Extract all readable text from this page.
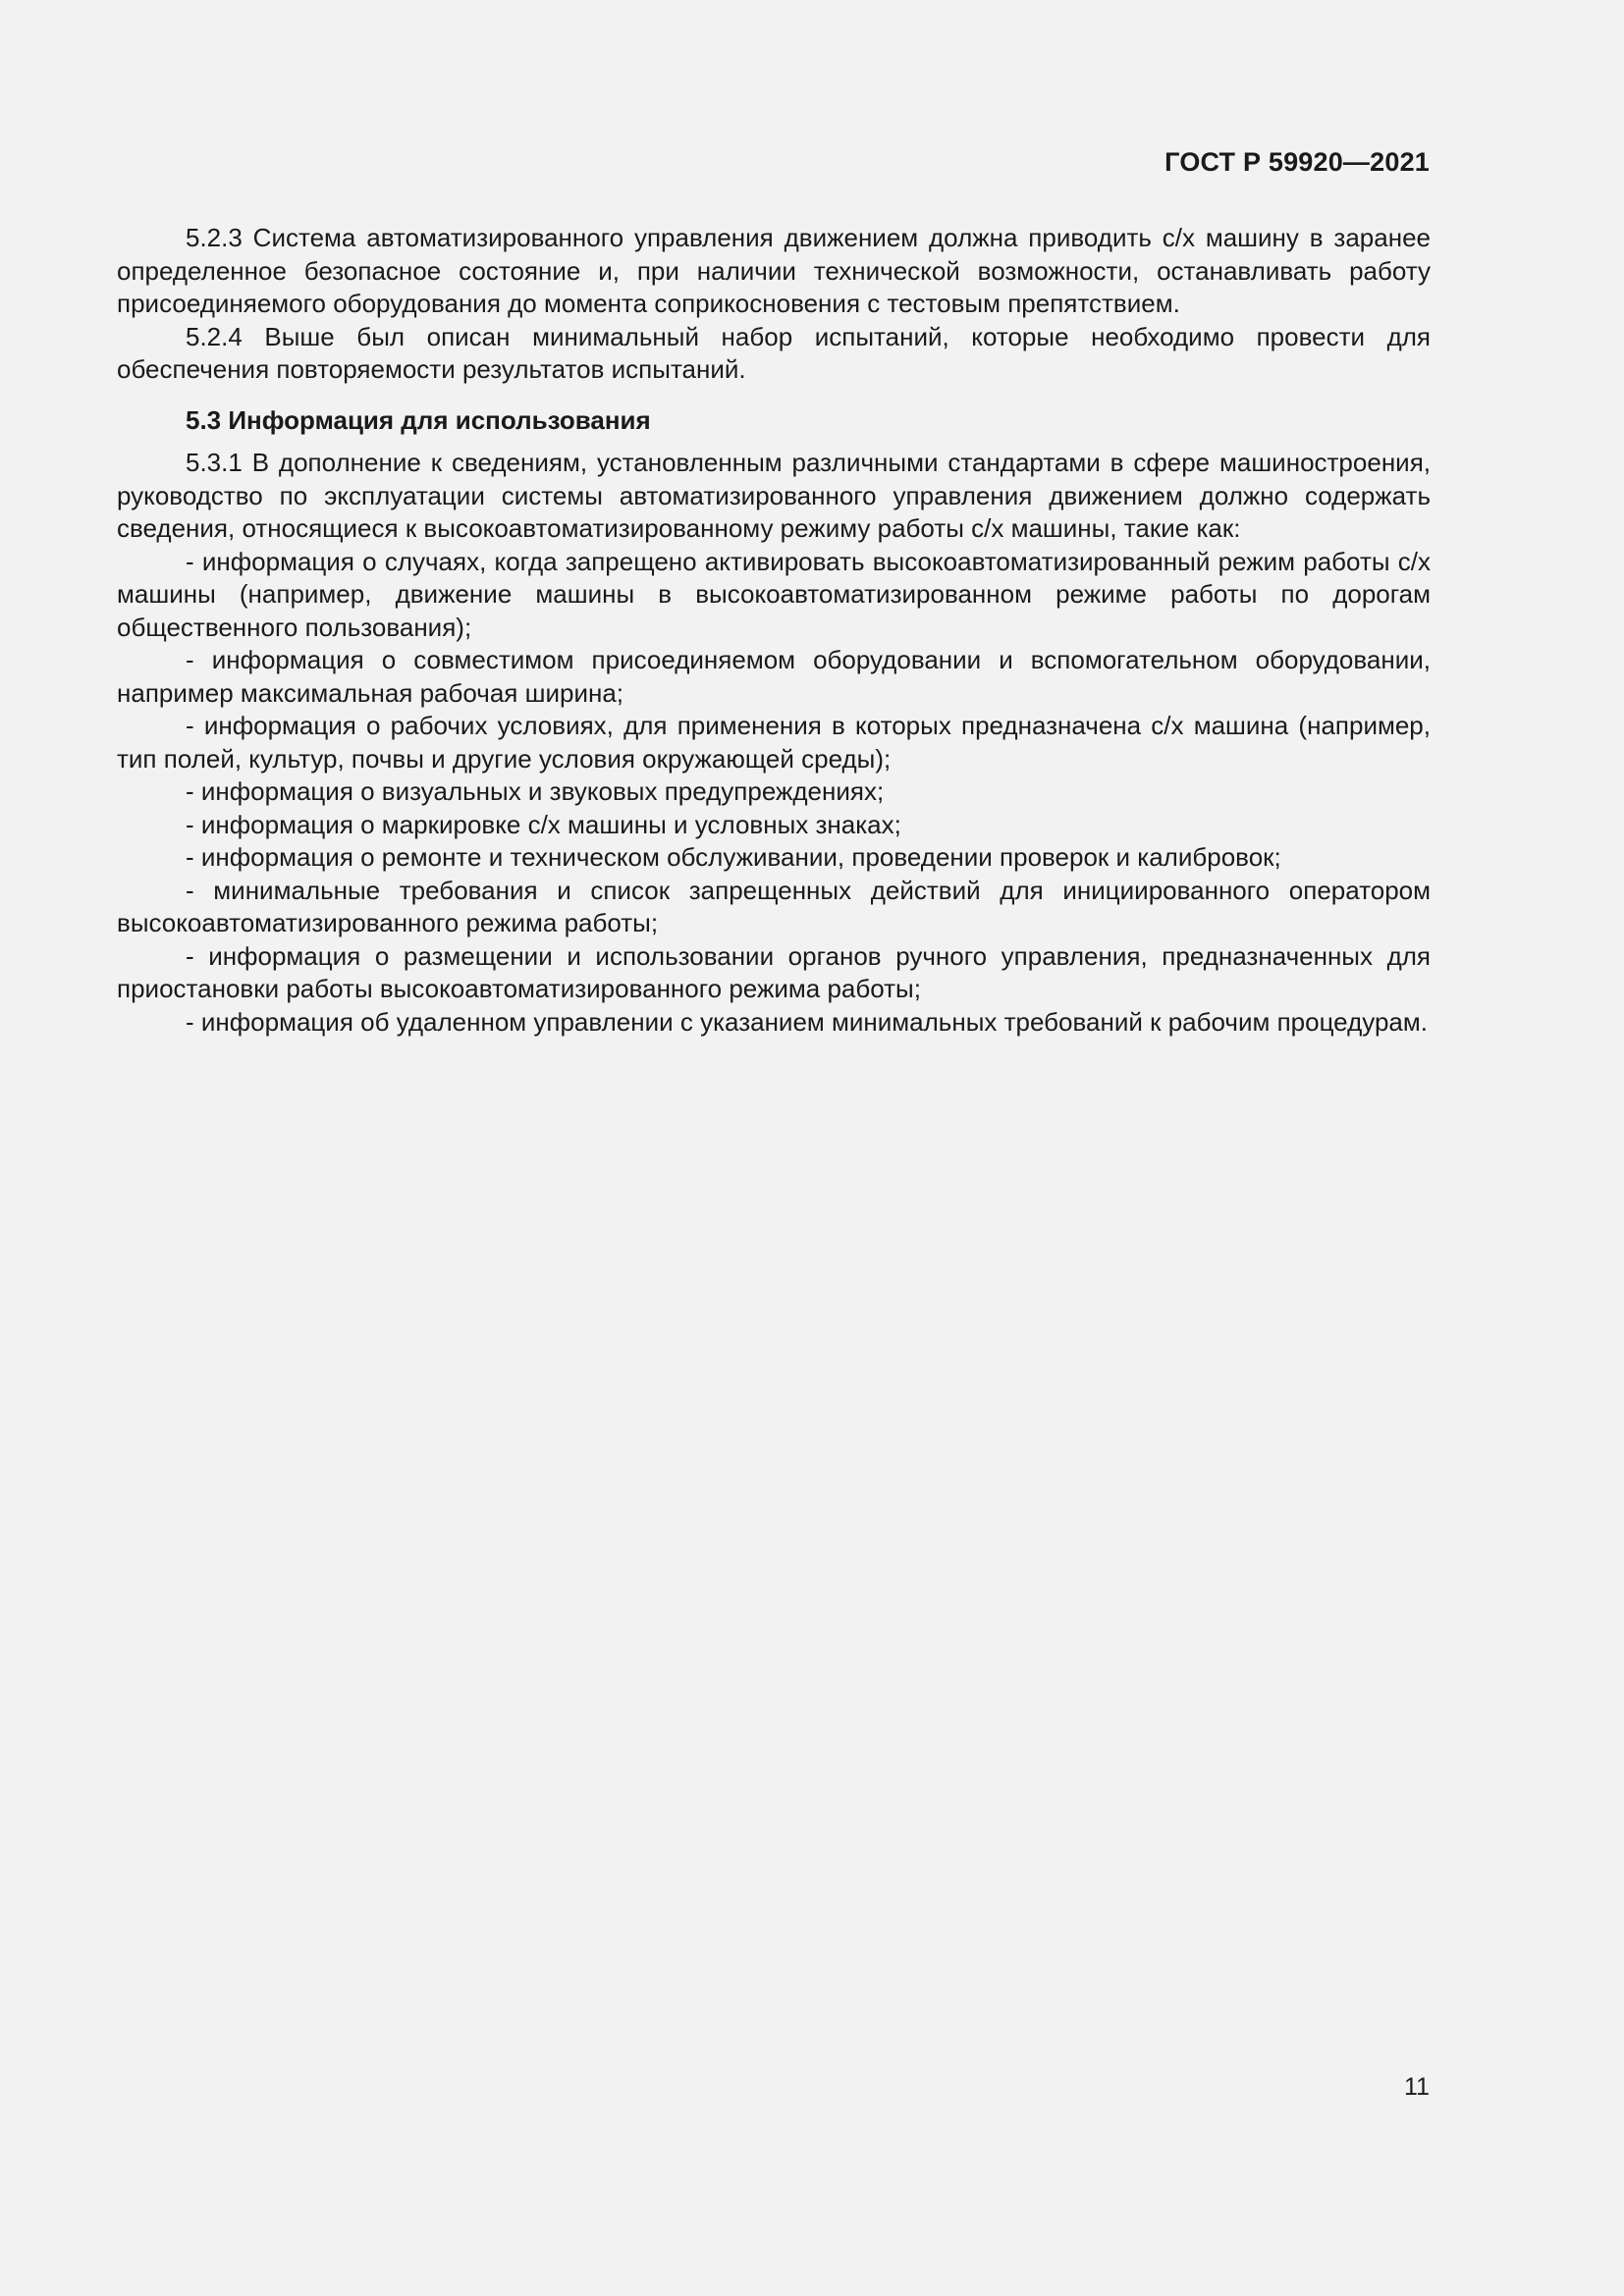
ГОСТ Р 59920—2021

5.2.3 Система автоматизированного управления движением должна приводить с/х машину в заранее определенное безопасное состояние и, при наличии технической возможности, останавливать работу присоединяемого оборудования до момента соприкосновения с тестовым препятствием.

5.2.4 Выше был описан минимальный набор испытаний, которые необходимо провести для обеспечения повторяемости результатов испытаний.

5.3 Информация для использования

5.3.1 В дополнение к сведениям, установленным различными стандартами в сфере машиностроения, руководство по эксплуатации системы автоматизированного управления движением должно содержать сведения, относящиеся к высокоавтоматизированному режиму работы с/х машины, такие как:

- информация о случаях, когда запрещено активировать высокоавтоматизированный режим работы с/х машины (например, движение машины в высокоавтоматизированном режиме работы по дорогам общественного пользования);

- информация о совместимом присоединяемом оборудовании и вспомогательном оборудовании, например максимальная рабочая ширина;

- информация о рабочих условиях, для применения в которых предназначена с/х машина (например, тип полей, культур, почвы и другие условия окружающей среды);

- информация о визуальных и звуковых предупреждениях;

- информация о маркировке с/х машины и условных знаках;

- информация о ремонте и техническом обслуживании, проведении проверок и калибровок;

- минимальные требования и список запрещенных действий для инициированного оператором высокоавтоматизированного режима работы;

- информация о размещении и использовании органов ручного управления, предназначенных для приостановки работы высокоавтоматизированного режима работы;

- информация об удаленном управлении с указанием минимальных требований к рабочим процедурам.

11
